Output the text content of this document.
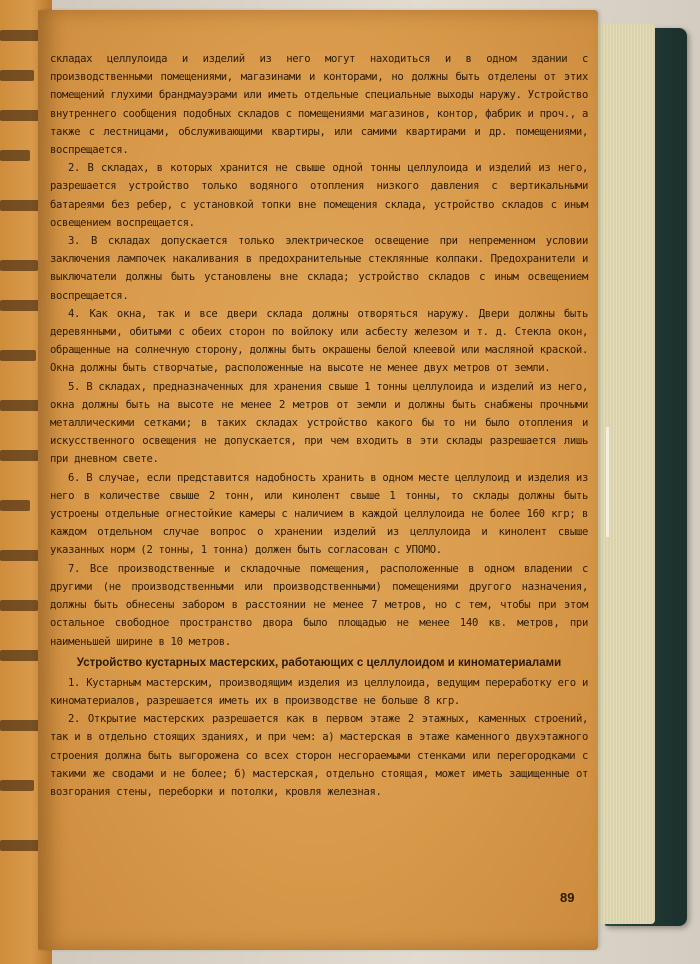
складах целлулоида и изделий из него могут находиться и в одном здании с производственными помещениями, магазинами и конторами, но должны быть отделены от этих помещений глухими брандмауэрами или иметь отдельные специальные выходы наружу. Устройство внутреннего сообщения подобных складов с помещениями магазинов, контор, фабрик и проч., а также с лестницами, обслуживающими квартиры, или самими квартирами и др. помещениями, воспрещается.

2. В складах, в которых хранится не свыше одной тонны целлулоида и изделий из него, разрешается устройство только водяного отопления низкого давления с вертикальными батареями без ребер, с установкой топки вне помещения склада, устройство складов с иным освещением воспрещается.

3. В складах допускается только электрическое освещение при непременном условии заключения лампочек накаливания в предохранительные стеклянные колпаки. Предохранители и выключатели должны быть установлены вне склада; устройство складов с иным освещением воспрещается.

4. Как окна, так и все двери склада должны отворяться наружу. Двери должны быть деревянными, обитыми с обеих сторон по войлоку или асбесту железом и т. д. Стекла окон, обращенные на солнечную сторону, должны быть окрашены белой клеевой или масляной краской. Окна должны быть створчатые, расположенные на высоте не менее двух метров от земли.

5. В складах, предназначенных для хранения свыше 1 тонны целлулоида и изделий из него, окна должны быть на высоте не менее 2 метров от земли и должны быть снабжены прочными металлическими сетками; в таких складах устройство какого бы то ни было отопления и искусственного освещения не допускается, при чем входить в эти склады разрешается лишь при дневном свете.

6. В случае, если представится надобность хранить в одном месте целлулоид и изделия из него в количестве свыше 2 тонн, или кинолент свыше 1 тонны, то склады должны быть устроены отдельные огнестойкие камеры с наличием в каждой целлулоида не более 160 кгр; в каждом отдельном случае вопрос о хранении изделий из целлулоида и кинолент свыше указанных норм (2 тонны, 1 тонна) должен быть согласован с УПОМО.

7. Все производственные и складочные помещения, расположенные в одном владении с другими (не производственными или производственными) помещениями другого назначения, должны быть обнесены забором в расстоянии не менее 7 метров, но с тем, чтобы при этом остальное свободное пространство двора было площадью не менее 140 кв. метров, при наименьшей ширине в 10 метров.

Устройство кустарных мастерских, работающих с целлулоидом и киноматериалами

1. Кустарным мастерским, производящим изделия из целлулоида, ведущим переработку его и киноматериалов, разрешается иметь их в производстве не больше 8 кгр.

2. Открытие мастерских разрешается как в первом этаже 2 этажных, каменных строений, так и в отдельно стоящих зданиях, и при чем: а) мастерская в этаже каменного двухэтажного строения должна быть выгорожена со всех сторон несгораемыми стенками или перегородками с такими же сводами и не более; б) мастерская, отдельно стоящая, может иметь защищенные от возгорания стены, переборки и потолки, кровля железная.

89
